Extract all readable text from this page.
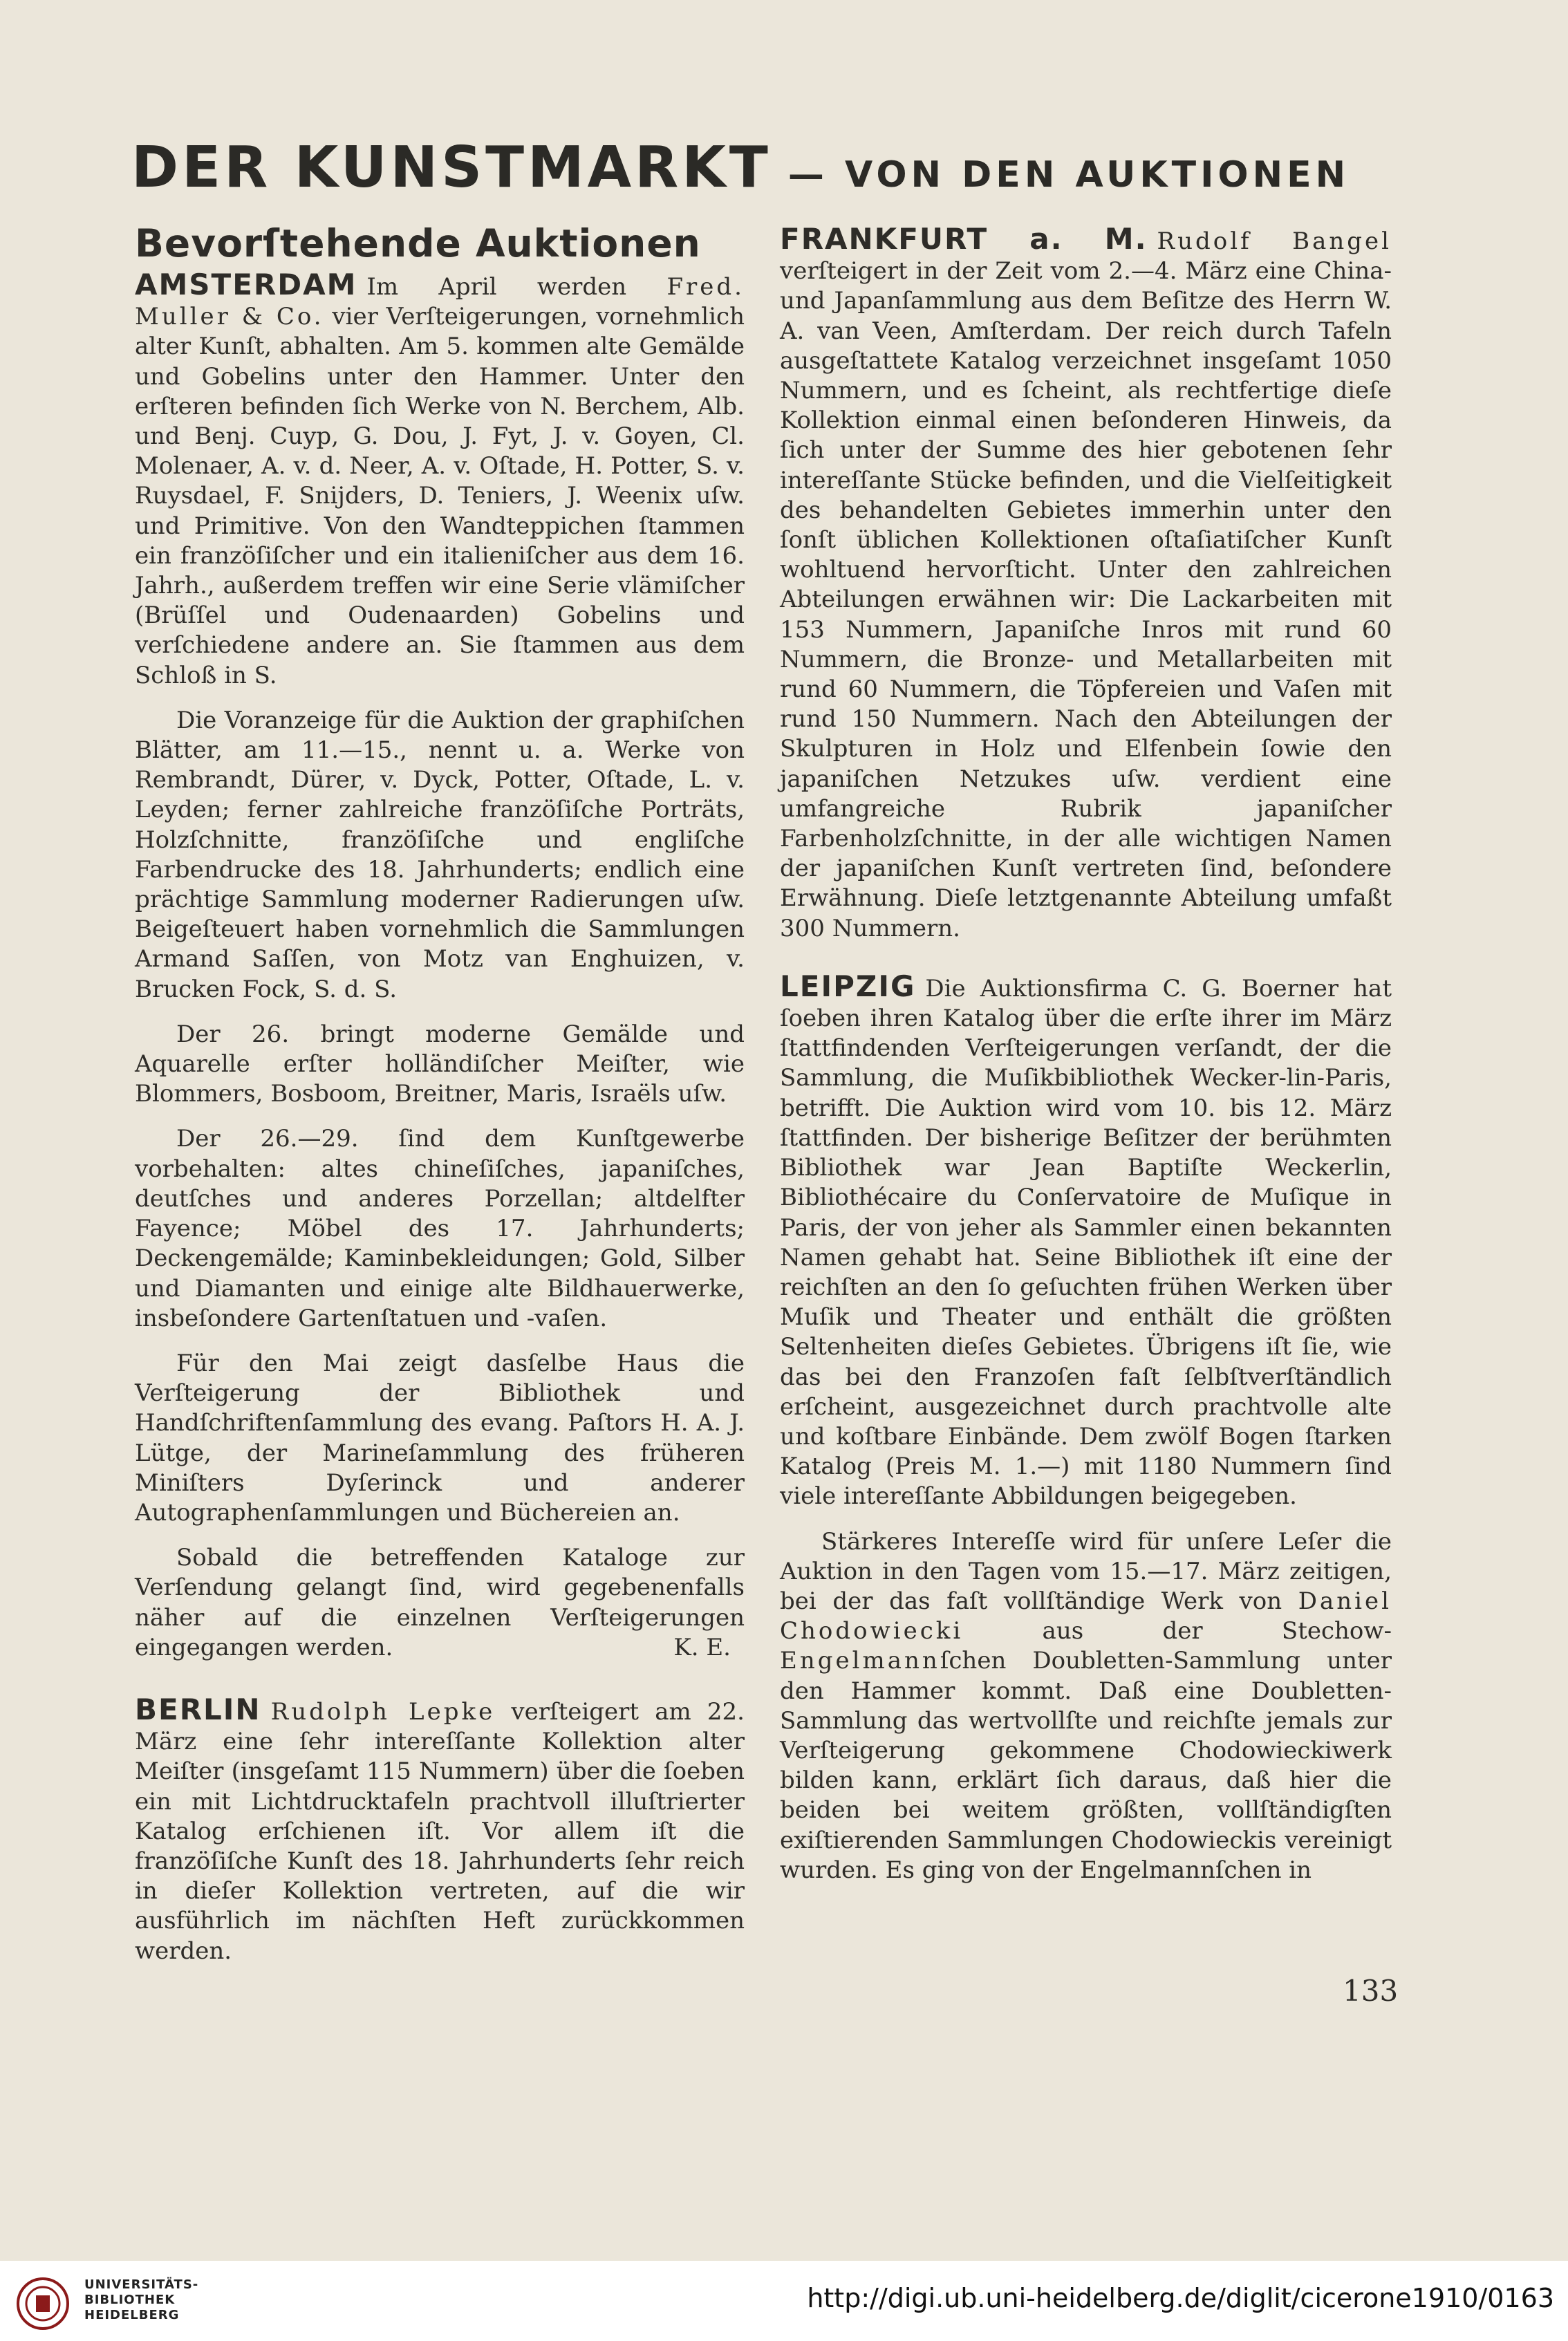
DER KUNSTMARKT — VON DEN AUKTIONEN
Bevorſtehende Auktionen

AMSTERDAM Im April werden Fred. Muller & Co. vier Verſteigerungen, vornehmlich alter Kunſt, abhalten. Am 5. kommen alte Gemälde und Gobelins unter den Hammer. Unter den erſteren befinden ſich Werke von N. Berchem, Alb. und Benj. Cuyp, G. Dou, J. Fyt, J. v. Goyen, Cl. Molenaer, A. v. d. Neer, A. v. Oſtade, H. Potter, S. v. Ruysdael, F. Snijders, D. Teniers, J. Weenix uſw. und Primitive. Von den Wandteppichen ſtammen ein franzöſiſcher und ein italieniſcher aus dem 16. Jahrh., außerdem treffen wir eine Serie vlämiſcher (Brüſſel und Oudenaarden) Gobelins und verſchiedene andere an. Sie ſtammen aus dem Schloß in S.

Die Voranzeige für die Auktion der graphiſchen Blätter, am 11.—15., nennt u. a. Werke von Rembrandt, Dürer, v. Dyck, Potter, Oſtade, L. v. Leyden; ferner zahlreiche franzöſiſche Porträts, Holzſchnitte, franzöſiſche und engliſche Farbendrucke des 18. Jahrhunderts; endlich eine prächtige Sammlung moderner Radierungen uſw. Beigeſteuert haben vornehmlich die Sammlungen Armand Saſſen, von Motz van Enghuizen, v. Brucken Fock, S. d. S.

Der 26. bringt moderne Gemälde und Aquarelle erſter holländiſcher Meiſter, wie Blommers, Bosboom, Breitner, Maris, Israëls uſw.

Der 26.—29. ſind dem Kunſtgewerbe vorbehalten: altes chineſiſches, japaniſches, deutſches und anderes Porzellan; altdelfter Fayence; Möbel des 17. Jahrhunderts; Deckengemälde; Kaminbekleidungen; Gold, Silber und Diamanten und einige alte Bildhauerwerke, insbeſondere Gartenſtatuen und -vaſen.

Für den Mai zeigt dasſelbe Haus die Verſteigerung der Bibliothek und Handſchriftenſammlung des evang. Paſtors H. A. J. Lütge, der Marineſammlung des früheren Miniſters Dyſerinck und anderer Autographenſammlungen und Büchereien an.

Sobald die betreffenden Kataloge zur Verſendung gelangt ſind, wird gegebenenfalls näher auf die einzelnen Verſteigerungen eingegangen werden.	K. E.

BERLIN Rudolph Lepke verſteigert am 22. März eine ſehr intereſſante Kollektion alter Meiſter (insgeſamt 115 Nummern) über die ſoeben ein mit Lichtdrucktafeln prachtvoll illuſtrierter Katalog erſchienen iſt. Vor allem iſt die franzöſiſche Kunſt des 18. Jahrhunderts ſehr reich in dieſer Kollektion vertreten, auf die wir ausführlich im nächſten Heft zurückkommen werden.

FRANKFURT a. M. Rudolf Bangel verſteigert in der Zeit vom 2.—4. März eine China- und Japanſammlung aus dem Beſitze des Herrn W. A. van Veen, Amſterdam. Der reich durch Tafeln ausgeſtattete Katalog verzeichnet insgeſamt 1050 Nummern, und es ſcheint, als rechtfertige dieſe Kollektion einmal einen beſonderen Hinweis, da ſich unter der Summe des hier gebotenen ſehr intereſſante Stücke befinden, und die Vielſeitigkeit des behandelten Gebietes immerhin unter den ſonſt üblichen Kollektionen oſtaſiatiſcher Kunſt wohltuend hervorſticht. Unter den zahlreichen Abteilungen erwähnen wir: Die Lackarbeiten mit 153 Nummern, Japaniſche Inros mit rund 60 Nummern, die Bronze- und Metallarbeiten mit rund 60 Nummern, die Töpfereien und Vaſen mit rund 150 Nummern. Nach den Abteilungen der Skulpturen in Holz und Elfenbein ſowie den japaniſchen Netzukes uſw. verdient eine umfangreiche Rubrik japaniſcher Farbenholzſchnitte, in der alle wichtigen Namen der japaniſchen Kunſt vertreten ſind, beſondere Erwähnung. Dieſe letztgenannte Abteilung umfaßt 300 Nummern.

LEIPZIG Die Auktionsfirma C. G. Boerner hat ſoeben ihren Katalog über die erſte ihrer im März ſtattfindenden Verſteigerungen verſandt, der die Sammlung, die Muſikbibliothek Wecker-lin-Paris, betrifft. Die Auktion wird vom 10. bis 12. März ſtattfinden. Der bisherige Beſitzer der berühmten Bibliothek war Jean Baptiſte Weckerlin, Bibliothécaire du Conſervatoire de Muſique in Paris, der von jeher als Sammler einen bekannten Namen gehabt hat. Seine Bibliothek iſt eine der reichſten an den ſo geſuchten frühen Werken über Muſik und Theater und enthält die größten Seltenheiten dieſes Gebietes. Übrigens iſt ſie, wie das bei den Franzoſen faſt ſelbſtverſtändlich erſcheint, ausgezeichnet durch prachtvolle alte und koſtbare Einbände. Dem zwölf Bogen ſtarken Katalog (Preis M. 1.—) mit 1180 Nummern ſind viele intereſſante Abbildungen beigegeben.

Stärkeres Intereſſe wird für unſere Leſer die Auktion in den Tagen vom 15.—17. März zeitigen, bei der das faſt vollſtändige Werk von Daniel Chodowiecki aus der Stechow-Engelmannſchen Doubletten-Sammlung unter den Hammer kommt. Daß eine Doubletten-Sammlung das wertvollſte und reichſte jemals zur Verſteigerung gekommene Chodowieckiwerk bilden kann, erklärt ſich daraus, daß hier die beiden bei weitem größten, vollſtändigſten exiſtierenden Sammlungen Chodowieckis vereinigt wurden. Es ging von der Engelmannſchen in

133
UNIVERSITÄTS-
BIBLIOTHEK
HEIDELBERG
http://digi.ub.uni-heidelberg.de/diglit/cicerone1910/0163
